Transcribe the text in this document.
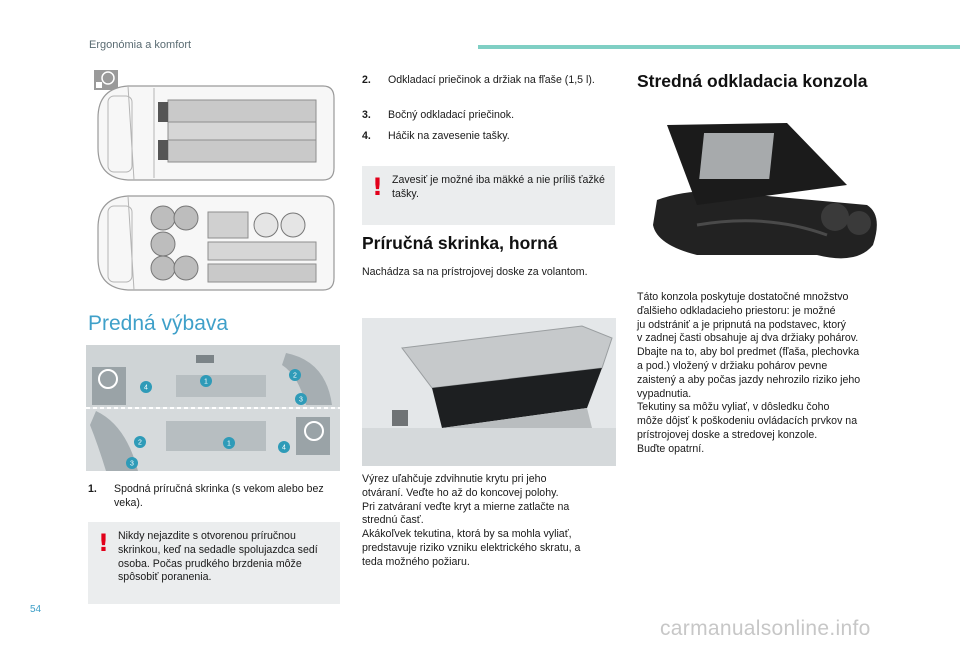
Ergonómia a komfort
Predná výbava
4
1
2
3
2	1
4
3
1.	Spodná príručná skrinka (s vekom alebo bez veka).
! Nikdy nejazdite s otvorenou príručnou skrinkou, keď na sedadle spolujazdca sedí osoba. Počas prudkého brzdenia môže spôsobiť poranenia.
2.	Odkladací priečinok a držiak na fľaše (1,5 l).
3.	Bočný odkladací priečinok.
4.	Háčik na zavesenie tašky.
! Zavesiť je možné iba mäkké a nie príliš ťažké tašky.
Príručná skrinka, horná
Nachádza sa na prístrojovej doske za volantom.
Výrez uľahčuje zdvihnutie krytu pri jeho
otváraní. Veďte ho až do koncovej polohy.
Pri zatváraní veďte kryt a mierne zatlačte na
strednú časť.
Akákoľvek tekutina, ktorá by sa mohla vyliať,
predstavuje riziko vzniku elektrického skratu, a
teda možného požiaru.
Stredná odkladacia konzola
Táto konzola poskytuje dostatočné množstvo
ďalšieho odkladacieho priestoru: je možné
ju odstrániť a je pripnutá na podstavec, ktorý
v zadnej časti obsahuje aj dva držiaky pohárov.
Dbajte na to, aby bol predmet (fľaša, plechovka
a pod.) vložený v držiaku pohárov pevne
zaistený a aby počas jazdy nehrozilo riziko jeho
vypadnutia.
Tekutiny sa môžu vyliať, v dôsledku čoho
môže dôjsť k poškodeniu ovládacích prvkov na
prístrojovej doske a stredovej konzole.
Buďte opatrní.
54
carmanualsonline.info
